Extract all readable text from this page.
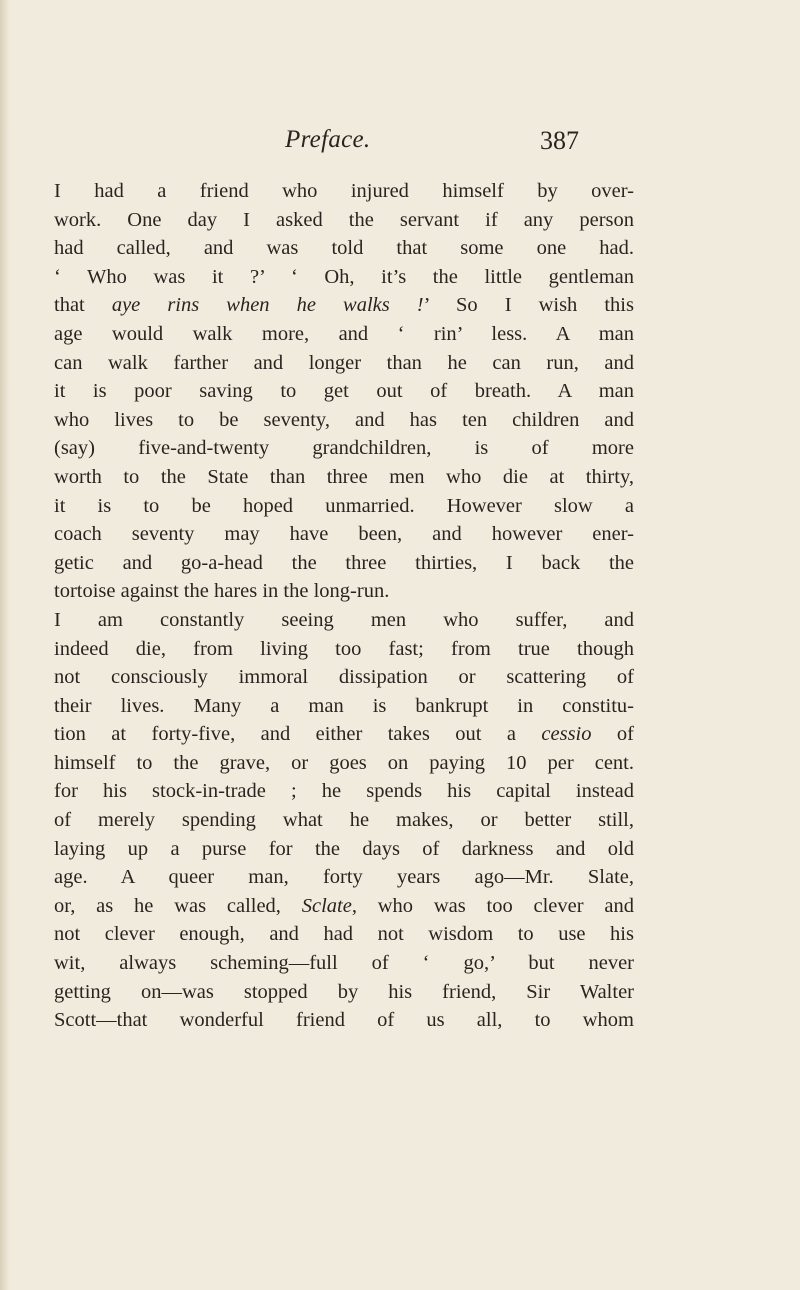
Preface.	387
I had a friend who injured himself by over-
work. One day I asked the servant if any person
had called, and was told that some one had.
‘ Who was it ?’ ‘ Oh, it’s the little gentleman
that aye rins when he walks !’ So I wish this
age would walk more, and ‘ rin’ less. A man
can walk farther and longer than he can run, and
it is poor saving to get out of breath. A man
who lives to be seventy, and has ten children and
(say) five-and-twenty grandchildren, is of more
worth to the State than three men who die at thirty,
it is to be hoped unmarried. However slow a
coach seventy may have been, and however ener-
getic and go-a-head the three thirties, I back the
tortoise against the hares in the long-run.
I am constantly seeing men who suffer, and
indeed die, from living too fast; from true though
not consciously immoral dissipation or scattering of
their lives. Many a man is bankrupt in constitu-
tion at forty-five, and either takes out a cessio of
himself to the grave, or goes on paying 10 per cent.
for his stock-in-trade ; he spends his capital instead
of merely spending what he makes, or better still,
laying up a purse for the days of darkness and old
age. A queer man, forty years ago—Mr. Slate,
or, as he was called, Sclate, who was too clever and
not clever enough, and had not wisdom to use his
wit, always scheming—full of ‘ go,’ but never
getting on—was stopped by his friend, Sir Walter
Scott—that wonderful friend of us all, to whom
